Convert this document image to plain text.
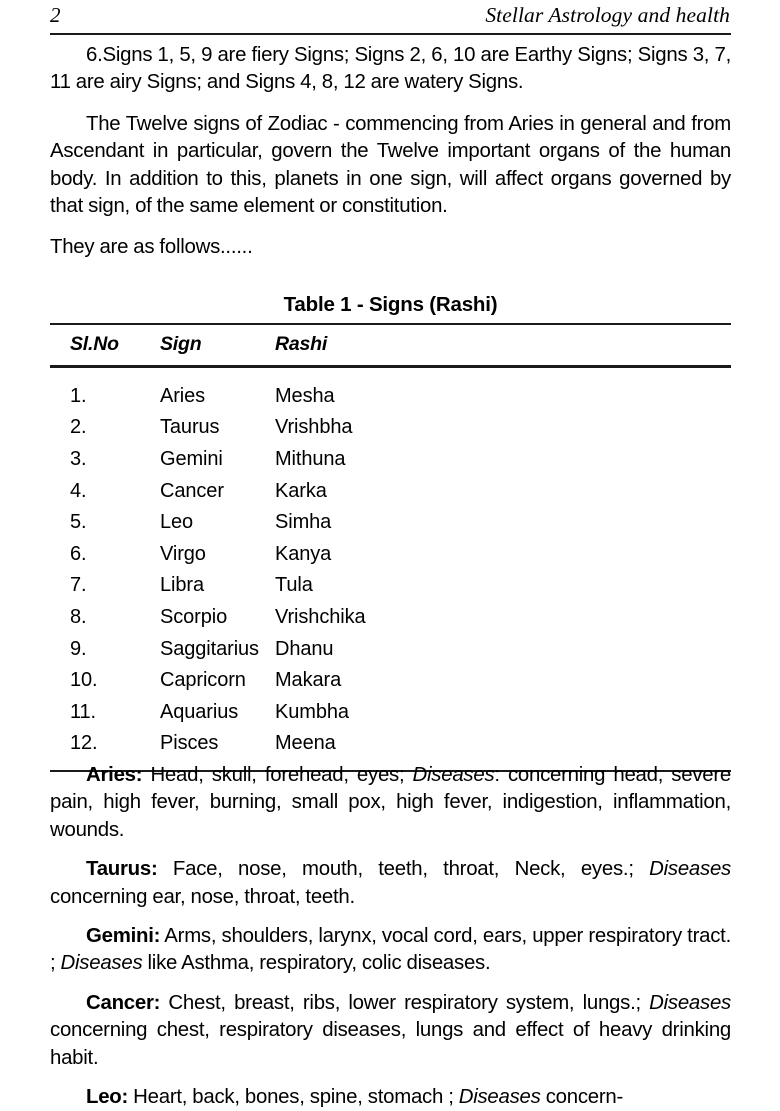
2	Stellar Astrology and health

6.Signs 1, 5, 9 are fiery Signs; Signs 2, 6, 10 are Earthy Signs; Signs 3, 7, 11 are airy Signs; and Signs 4, 8, 12 are watery Signs.

The Twelve signs of Zodiac - commencing from Aries in general and from Ascendant in particular, govern the Twelve important organs of the human body. In addition to this, planets in one sign, will affect organs governed by that sign, of the same element or constitution.

They are as follows......

Table 1 - Signs (Rashi)
Sl.No	Sign	Rashi
1.	Aries	Mesha
2.	Taurus	Vrishbha
3.	Gemini	Mithuna
4.	Cancer	Karka
5.	Leo	Simha
6.	Virgo	Kanya
7.	Libra	Tula
8.	Scorpio	Vrishchika
9.	Saggitarius	Dhanu
10.	Capricorn	Makara
11.	Aquarius	Kumbha
12.	Pisces	Meena

Aries: Head, skull, forehead, eyes; Diseases: concerning head, severe pain, high fever, burning, small pox, high fever, indigestion, inflammation, wounds.

Taurus: Face, nose, mouth, teeth, throat, Neck, eyes.; Diseases concerning ear, nose, throat, teeth.

Gemini: Arms, shoulders, larynx, vocal cord, ears, upper respiratory tract. ; Diseases like Asthma, respiratory, colic diseases.

Cancer: Chest, breast, ribs, lower respiratory system, lungs.; Diseases concerning chest, respiratory diseases, lungs and effect of heavy drinking habit.

Leo: Heart, back, bones, spine, stomach ; Diseases concern-
